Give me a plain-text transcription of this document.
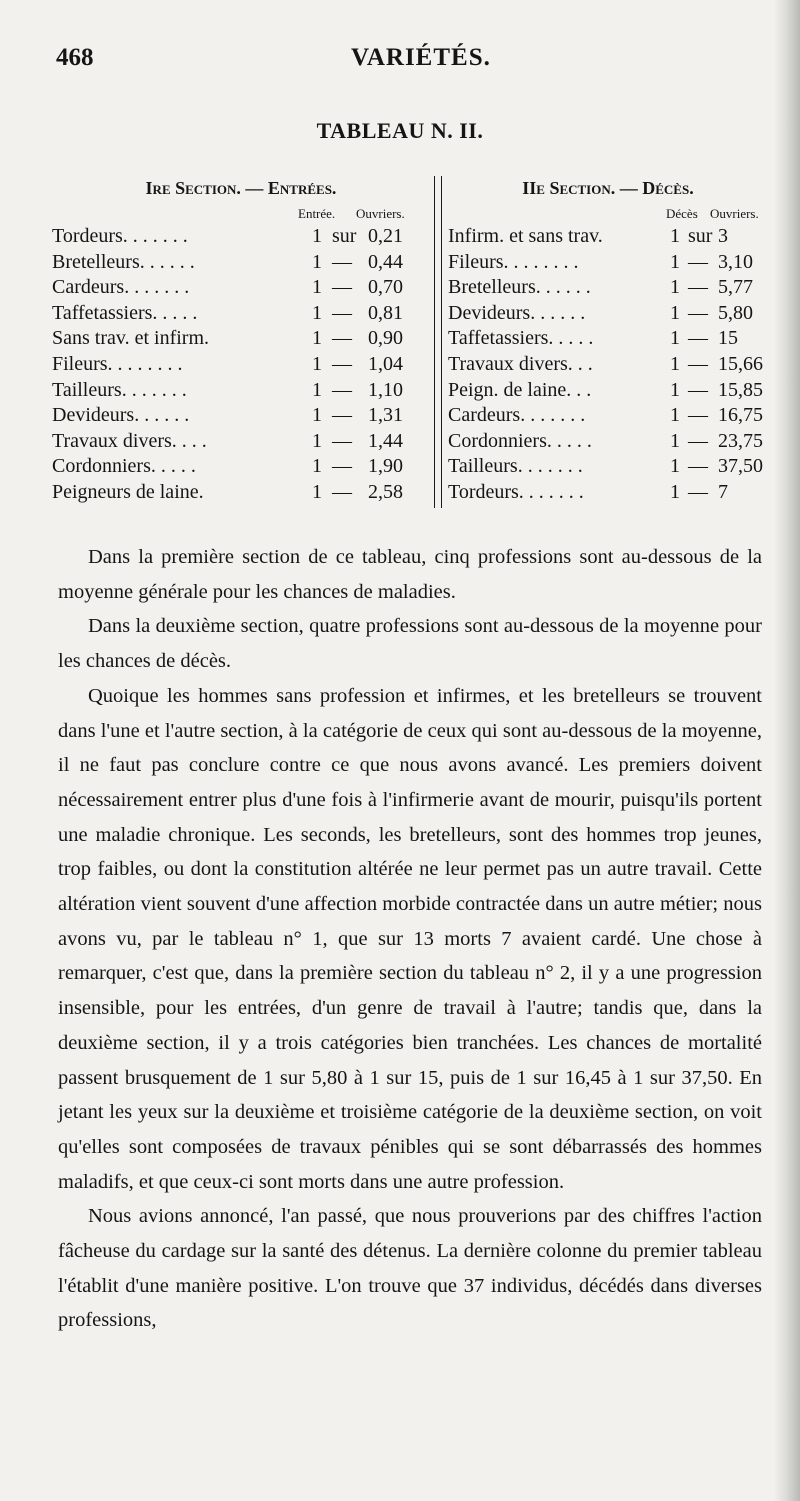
468	VARIÉTÉS.
TABLEAU N. II.
Ire Section. — Entrées.
Entrée. Ouvriers.
Tordeurs. . . . . . .	1 sur 0,21
Bretelleurs. . . . . .	1 — 0,44
Cardeurs. . . . . . .	1 — 0,70
Taffetassiers. . . . .	1 — 0,81
Sans trav. et infirm.	1 — 0,90
Fileurs. . . . . . . .	1 — 1,04
Tailleurs. . . . . . .	1 — 1,10
Devideurs. . . . . .	1 — 1,31
Travaux divers. . . .	1 — 1,44
Cordonniers. . . . .	1 — 1,90
Peigneurs de laine.	1 — 2,58
IIe Section. — Décès.
Décès Ouvriers.
Infirm. et sans trav.	1 sur 3
Fileurs. . . . . . . .	1 — 3,10
Bretelleurs. . . . . .	1 — 5,77
Devideurs. . . . . .	1 — 5,80
Taffetassiers. . . . .	1 — 15
Travaux divers. . .	1 — 15,66
Peign. de laine. . .	1 — 15,85
Cardeurs. . . . . . .	1 — 16,75
Cordonniers. . . . .	1 — 23,75
Tailleurs. . . . . . .	1 — 37,50
Tordeurs. . . . . . .	1 — 7

Dans la première section de ce tableau, cinq professions sont au-dessous de la moyenne générale pour les chances de maladies.

Dans la deuxième section, quatre professions sont au-dessous de la moyenne pour les chances de décès.

Quoique les hommes sans profession et infirmes, et les bretelleurs se trouvent dans l'une et l'autre section, à la catégorie de ceux qui sont au-dessous de la moyenne, il ne faut pas conclure contre ce que nous avons avancé. Les premiers doivent nécessairement entrer plus d'une fois à l'infirmerie avant de mourir, puisqu'ils portent une maladie chronique. Les seconds, les bretelleurs, sont des hommes trop jeunes, trop faibles, ou dont la constitution altérée ne leur permet pas un autre travail. Cette altération vient souvent d'une affection morbide contractée dans un autre métier; nous avons vu, par le tableau n° 1, que sur 13 morts 7 avaient cardé. Une chose à remarquer, c'est que, dans la première section du tableau n° 2, il y a une progression insensible, pour les entrées, d'un genre de travail à l'autre; tandis que, dans la deuxième section, il y a trois catégories bien tranchées. Les chances de mortalité passent brusquement de 1 sur 5,80 à 1 sur 15, puis de 1 sur 16,45 à 1 sur 37,50. En jetant les yeux sur la deuxième et troisième catégorie de la deuxième section, on voit qu'elles sont composées de travaux pénibles qui se sont débarrassés des hommes maladifs, et que ceux-ci sont morts dans une autre profession.

Nous avions annoncé, l'an passé, que nous prouverions par des chiffres l'action fâcheuse du cardage sur la santé des détenus. La dernière colonne du premier tableau l'établit d'une manière positive. L'on trouve que 37 individus, décédés dans diverses professions,
